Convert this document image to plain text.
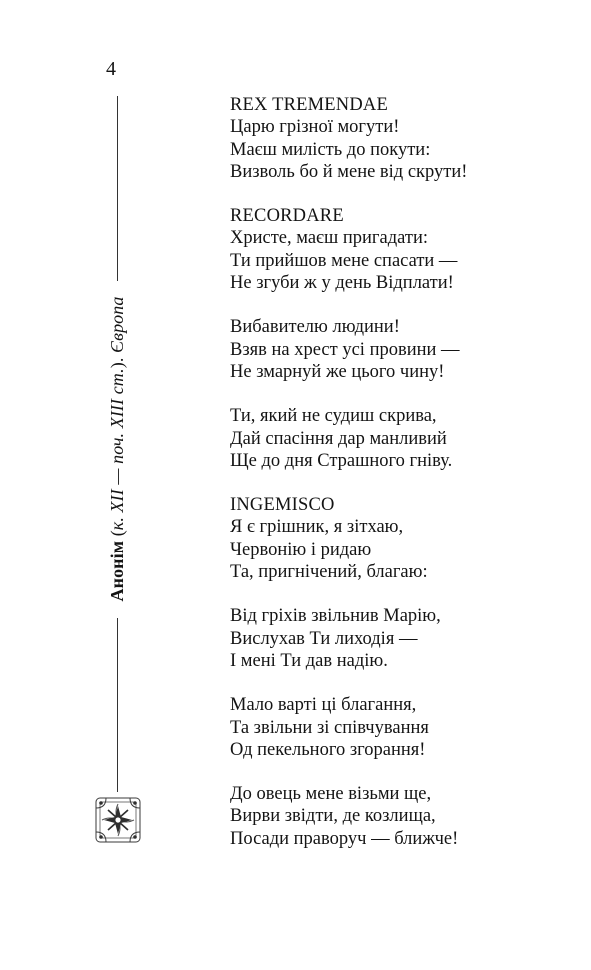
4
Анонім (к. XII — поч. XIII ст.). Європа
REX TREMENDAE
Царю грізної могути!
Маєш милість до покути:
Визволь бо й мене від скрути!
RECORDARE
Христе, маєш пригадати:
Ти прийшов мене спасати —
Не згуби ж у день Відплати!
Вибавителю людини!
Взяв на хрест усі провини —
Не змарнуй же цього чину!
Ти, який не судиш скрива,
Дай спасіння дар манливий
Ще до дня Страшного гніву.
INGEMISCO
Я є грішник, я зітхаю,
Червонію і ридаю
Та, пригнічений, благаю:
Від гріхів звільнив Марію,
Вислухав Ти лиходія —
І мені Ти дав надію.
Мало варті ці благання,
Та звільни зі співчування
Од пекельного згорання!
До овець мене візьми ще,
Вирви звідти, де козлища,
Посади праворуч — ближче!
